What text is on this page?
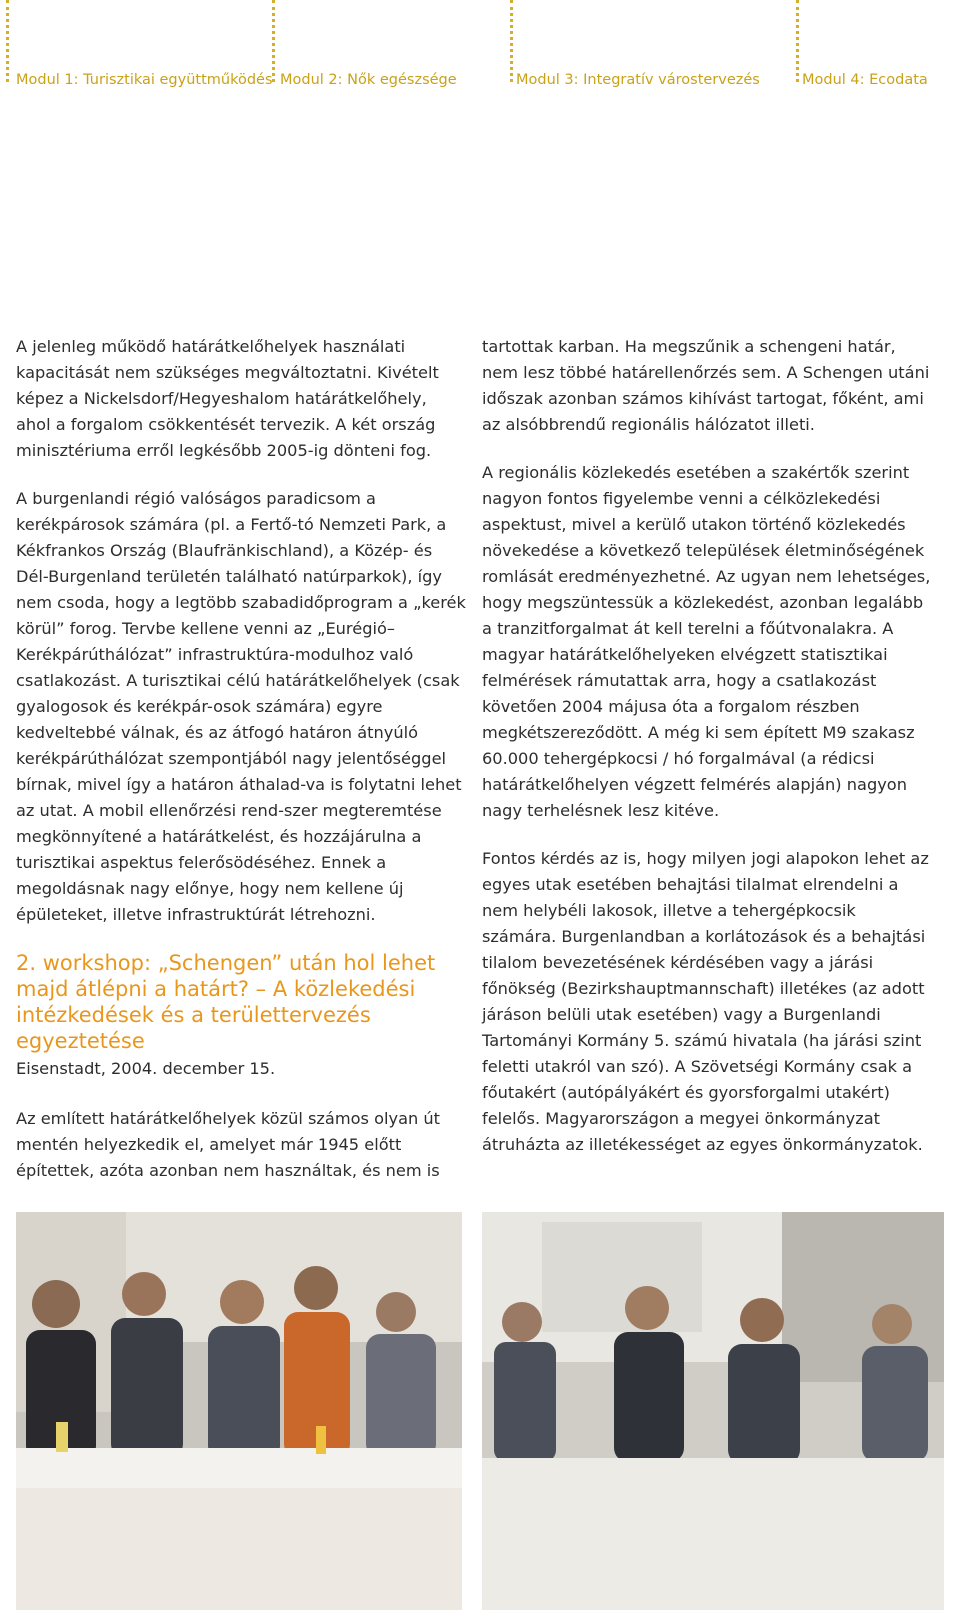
Modul 1: Turisztikai együttműködés Modul 2: Nők egészsége	Modul 3: Integratív várostervezés	Modul 4: Ecodata

A jelenleg működő határátkelőhelyek használati kapacitását nem szükséges megváltoztatni. Kivételt képez a Nickelsdorf/Hegyeshalom határátkelőhely, ahol a forgalom csökkentését tervezik. A két ország minisztériuma erről legkésőbb 2005-ig dönteni fog.

A burgenlandi régió valóságos paradicsom a kerékpárosok számára (pl. a Fertő-tó Nemzeti Park, a Kékfrankos Ország (Blaufränkischland), a Közép- és Dél-Burgenland területén található natúrparkok), így nem csoda, hogy a legtöbb szabadidőprogram a „kerék körül” forog. Tervbe kellene venni az „Eurégió–Kerékpárúthálózat” infrastruktúra-modulhoz való csatlakozást. A turisztikai célú határátkelőhelyek (csak gyalogosok és kerékpár-osok számára) egyre kedveltebbé válnak, és az átfogó határon átnyúló kerékpárúthálózat szempontjából nagy jelentőséggel bírnak, mivel így a határon áthalad-va is folytatni lehet az utat. A mobil ellenőrzési rend-szer megteremtése megkönnyítené a határátkelést, és hozzájárulna a turisztikai aspektus felerősödéséhez. Ennek a megoldásnak nagy előnye, hogy nem kellene új épületeket, illetve infrastruktúrát létrehozni.

2. workshop: „Schengen” után hol lehet majd átlépni a határt? – A közlekedési intézkedések és a területtervezés egyeztetése
Eisenstadt, 2004. december 15.

Az említett határátkelőhelyek közül számos olyan út mentén helyezkedik el, amelyet már 1945 előtt építettek, azóta azonban nem használtak, és nem is

tartottak karban. Ha megszűnik a schengeni határ, nem lesz többé határellenőrzés sem. A Schengen utáni időszak azonban számos kihívást tartogat, főként, ami az alsóbbrendű regionális hálózatot illeti.

A regionális közlekedés esetében a szakértők szerint nagyon fontos figyelembe venni a célközlekedési aspektust, mivel a kerülő utakon történő közlekedés növekedése a következő települések életminőségének romlását eredményezhetné. Az ugyan nem lehetséges, hogy megszüntessük a közlekedést, azonban legalább a tranzitforgalmat át kell terelni a főútvonalakra. A magyar határátkelőhelyeken elvégzett statisztikai felmérések rámutattak arra, hogy a csatlakozást követően 2004 májusa óta a forgalom részben megkétszereződött. A még ki sem épített M9 szakasz 60.000 tehergépkocsi / hó forgalmával (a rédicsi határátkelőhelyen végzett felmérés alapján) nagyon nagy terhelésnek lesz kitéve.

Fontos kérdés az is, hogy milyen jogi alapokon lehet az egyes utak esetében behajtási tilalmat elrendelni a nem helybéli lakosok, illetve a tehergépkocsik számára. Burgenlandban a korlátozások és a behajtási tilalom bevezetésének kérdésében vagy a járási főnökség (Bezirkshauptmannschaft) illetékes (az adott járáson belüli utak esetében) vagy a Burgenlandi Tartományi Kormány 5. számú hivatala (ha járási szint feletti utakról van szó). A Szövetségi Kormány csak a főutakért (autópályákért és gyorsforgalmi utakért) felelős. Magyarországon a megyei önkormányzat átruházta az illetékességet az egyes önkormányzatok.
